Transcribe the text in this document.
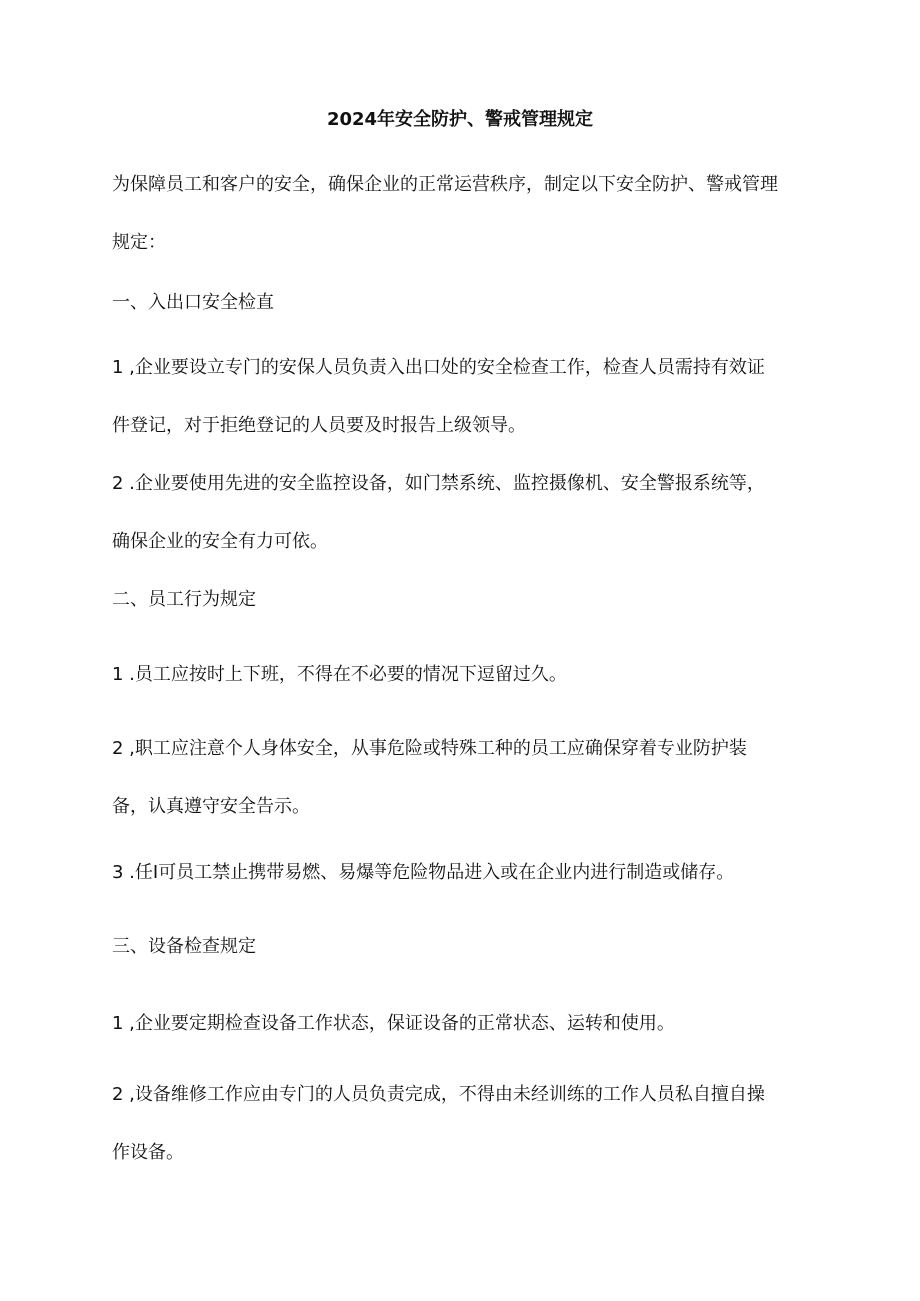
2024年安全防护、警戒管理规定

为保障员工和客户的安全，确保企业的正常运营秩序，制定以下安全防护、警戒管理
规定：

一、入出口安全检直

1 ,企业要设立专门的安保人员负责入出口处的安全检查工作，检查人员需持有效证
件登记，对于拒绝登记的人员要及时报告上级领导。

2 .企业要使用先进的安全监控设备，如门禁系统、监控摄像机、安全警报系统等，
确保企业的安全有力可依。

二、员工行为规定

1 .员工应按时上下班，不得在不必要的情况下逗留过久。

2 ,职工应注意个人身体安全，从事危险或特殊工种的员工应确保穿着专业防护装
备，认真遵守安全告示。

3 .任I可员工禁止携带易燃、易爆等危险物品进入或在企业内进行制造或储存。

三、设备检查规定

1 ,企业要定期检查设备工作状态，保证设备的正常状态、运转和使用。

2 ,设备维修工作应由专门的人员负责完成，不得由未经训练的工作人员私自擅自操
作设备。
